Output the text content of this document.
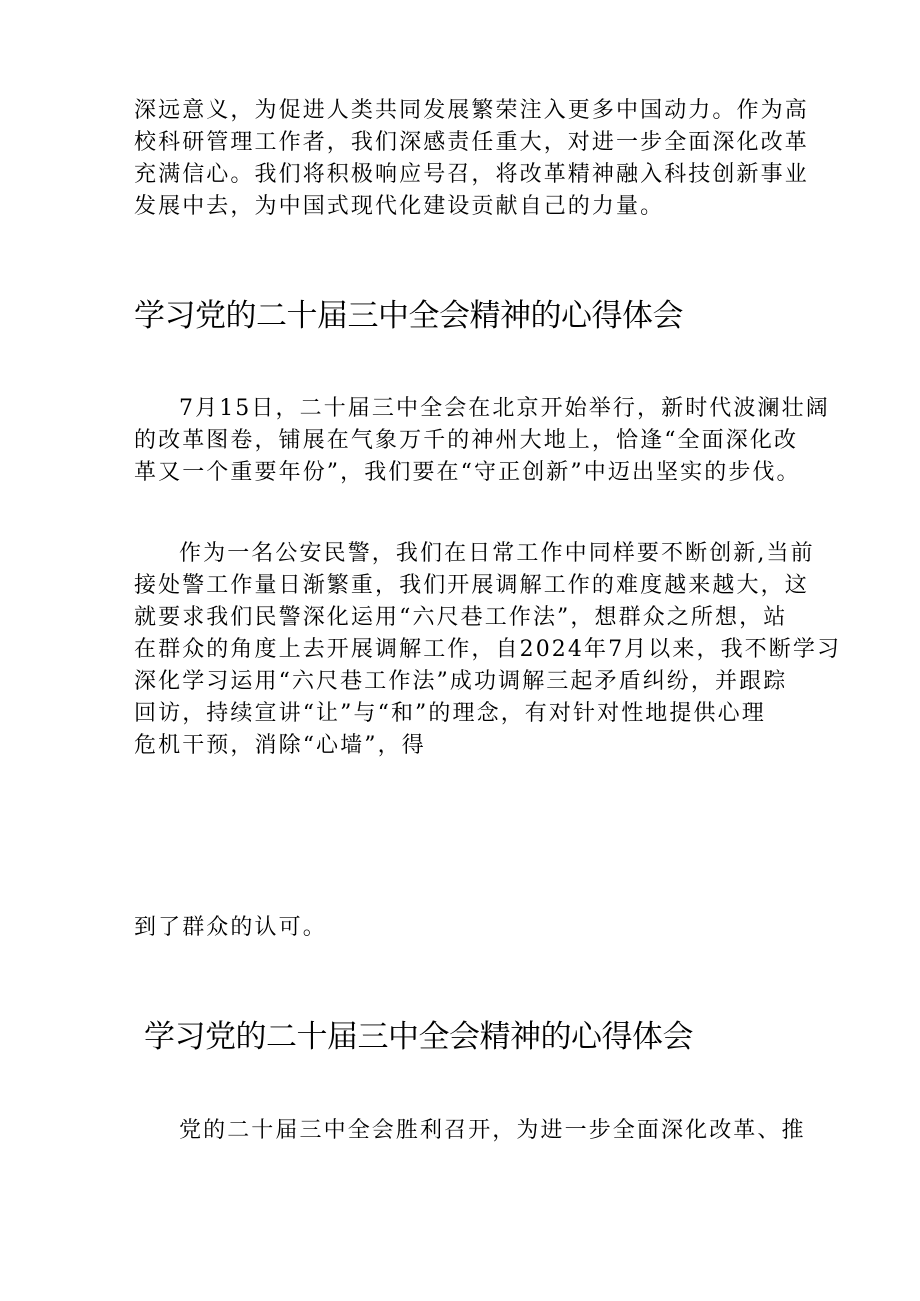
深远意义，为促进人类共同发展繁荣注入更多中国动力。作为高
校科研管理工作者，我们深感责任重大，对进一步全面深化改革
充满信心。我们将积极响应号召，将改革精神融入科技创新事业
发展中去，为中国式现代化建设贡献自己的力量。
学习党的二十届三中全会精神的心得体会
7月15日，二十届三中全会在北京开始举行，新时代波澜壮阔
的改革图卷，铺展在气象万千的神州大地上，恰逢“全面深化改
革又一个重要年份”，我们要在“守正创新”中迈出坚实的步伐。
作为一名公安民警，我们在日常工作中同样要不断创新,当前
接处警工作量日渐繁重，我们开展调解工作的难度越来越大，这
就要求我们民警深化运用“六尺巷工作法”，想群众之所想，站
在群众的角度上去开展调解工作，自2024年7月以来，我不断学习
深化学习运用“六尺巷工作法”成功调解三起矛盾纠纷，并跟踪
回访，持续宣讲“让”与“和”的理念，有对针对性地提供心理
危机干预，消除“心墙”，得
到了群众的认可。
学习党的二十届三中全会精神的心得体会
党的二十届三中全会胜利召开，为进一步全面深化改革、推
